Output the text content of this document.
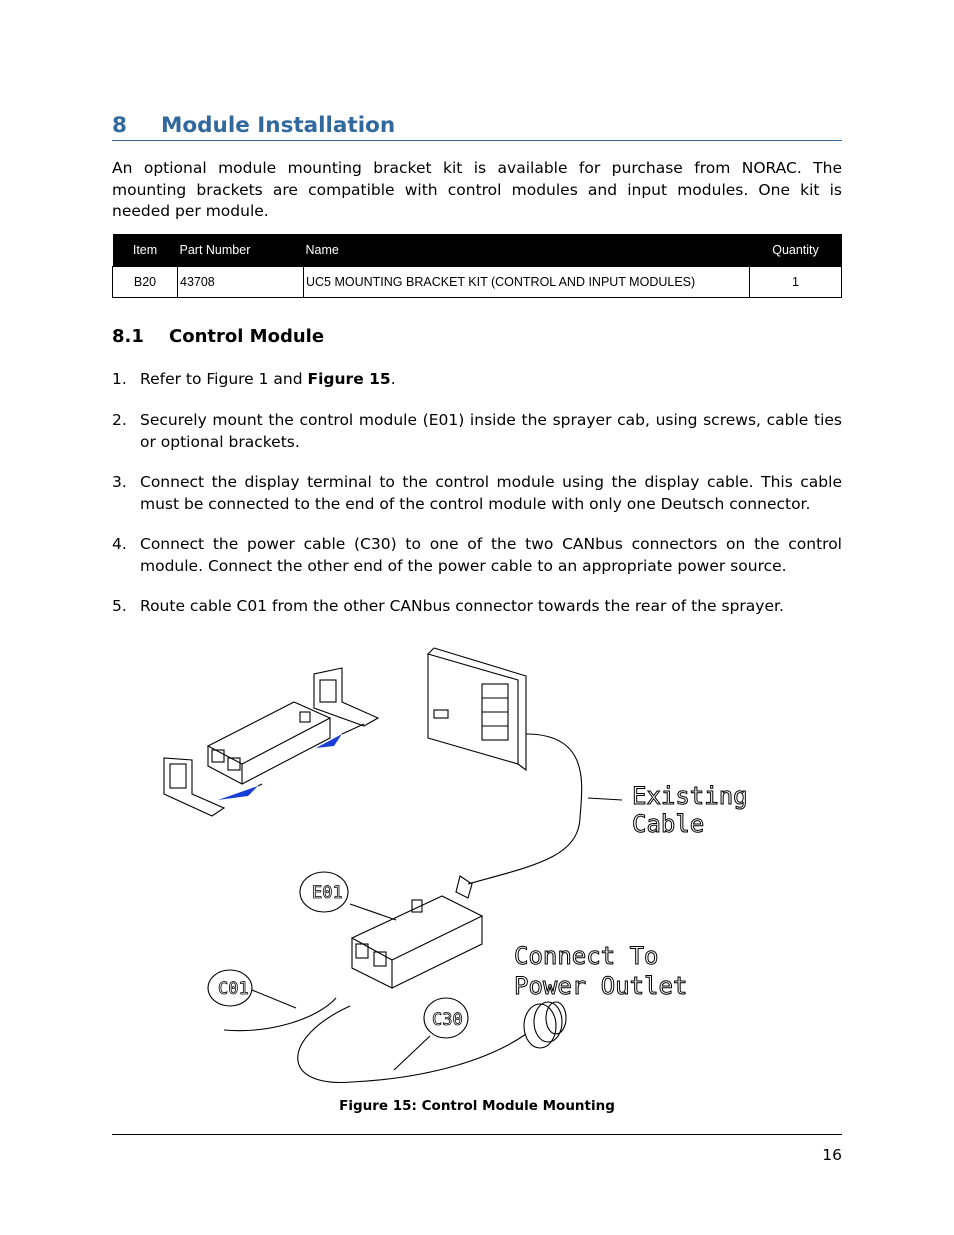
8 Module Installation
An optional module mounting bracket kit is available for purchase from NORAC. The mounting brackets are compatible with control modules and input modules. One kit is needed per module.
Item	Part Number	Name	Quantity
B20	43708	UC5 MOUNTING BRACKET KIT (CONTROL AND INPUT MODULES)	1
8.1 Control Module
1. Refer to Figure 1 and Figure 15.
2. Securely mount the control module (E01) inside the sprayer cab, using screws, cable ties or optional brackets.
3. Connect the display terminal to the control module using the display cable. This cable must be connected to the end of the control module with only one Deutsch connector.
4. Connect the power cable (C30) to one of the two CANbus connectors on the control module. Connect the other end of the power cable to an appropriate power source.
5. Route cable C01 from the other CANbus connector towards the rear of the sprayer.
E01
C01
C30
Existing
Cable
Connect To
Power Outlet
Figure 15: Control Module Mounting
16
